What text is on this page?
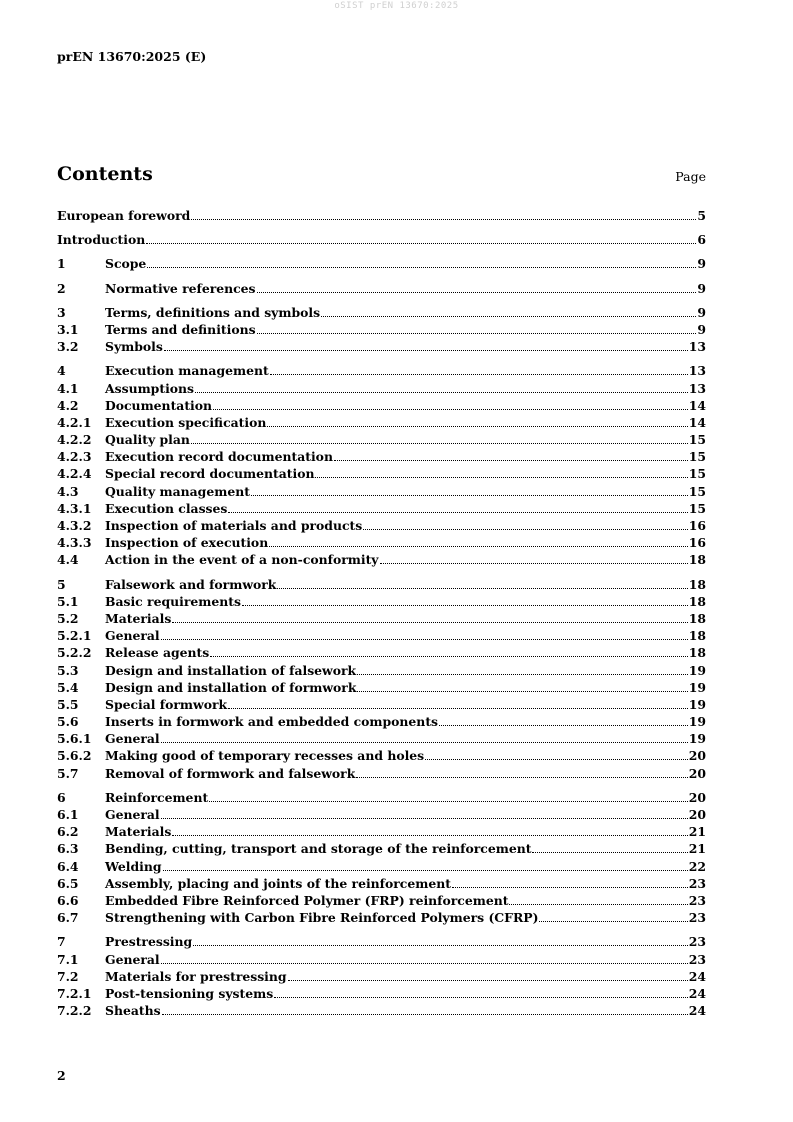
oSIST prEN 13670:2025
prEN 13670:2025 (E)
Contents	Page
European foreword	5
Introduction	6
1	Scope	9
2	Normative references	9
3	Terms, definitions and symbols	9
3.1	Terms and definitions	9
3.2	Symbols	13
4	Execution management	13
4.1	Assumptions	13
4.2	Documentation	14
4.2.1	Execution specification	14
4.2.2	Quality plan	15
4.2.3	Execution record documentation	15
4.2.4	Special record documentation	15
4.3	Quality management	15
4.3.1	Execution classes	15
4.3.2	Inspection of materials and products	16
4.3.3	Inspection of execution	16
4.4	Action in the event of a non-conformity	18
5	Falsework and formwork	18
5.1	Basic requirements	18
5.2	Materials	18
5.2.1	General	18
5.2.2	Release agents	18
5.3	Design and installation of falsework	19
5.4	Design and installation of formwork	19
5.5	Special formwork	19
5.6	Inserts in formwork and embedded components	19
5.6.1	General	19
5.6.2	Making good of temporary recesses and holes	20
5.7	Removal of formwork and falsework	20
6	Reinforcement	20
6.1	General	20
6.2	Materials	21
6.3	Bending, cutting, transport and storage of the reinforcement	21
6.4	Welding	22
6.5	Assembly, placing and joints of the reinforcement	23
6.6	Embedded Fibre Reinforced Polymer (FRP) reinforcement	23
6.7	Strengthening with Carbon Fibre Reinforced Polymers (CFRP)	23
7	Prestressing	23
7.1	General	23
7.2	Materials for prestressing	24
7.2.1	Post-tensioning systems	24
7.2.2	Sheaths	24
2
